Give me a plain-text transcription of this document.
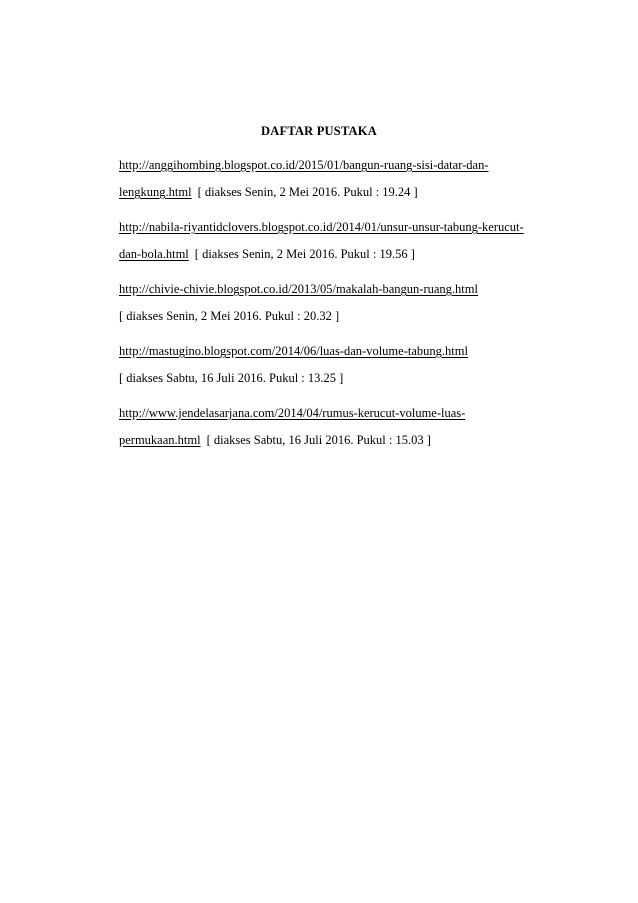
DAFTAR PUSTAKA
http://anggihombing.blogspot.co.id/2015/01/bangun-ruang-sisi-datar-dan-
lengkung.html [ diakses Senin, 2 Mei 2016. Pukul : 19.24 ]
http://nabila-riyantidclovers.blogspot.co.id/2014/01/unsur-unsur-tabung-kerucut-
dan-bola.html [ diakses Senin, 2 Mei 2016. Pukul : 19.56 ]
http://chivie-chivie.blogspot.co.id/2013/05/makalah-bangun-ruang.html
[ diakses Senin, 2 Mei 2016. Pukul : 20.32 ]
http://mastugino.blogspot.com/2014/06/luas-dan-volume-tabung.html
[ diakses Sabtu, 16 Juli 2016. Pukul : 13.25 ]
http://www.jendelasarjana.com/2014/04/rumus-kerucut-volume-luas-
permukaan.html [ diakses Sabtu, 16 Juli 2016. Pukul : 15.03 ]
